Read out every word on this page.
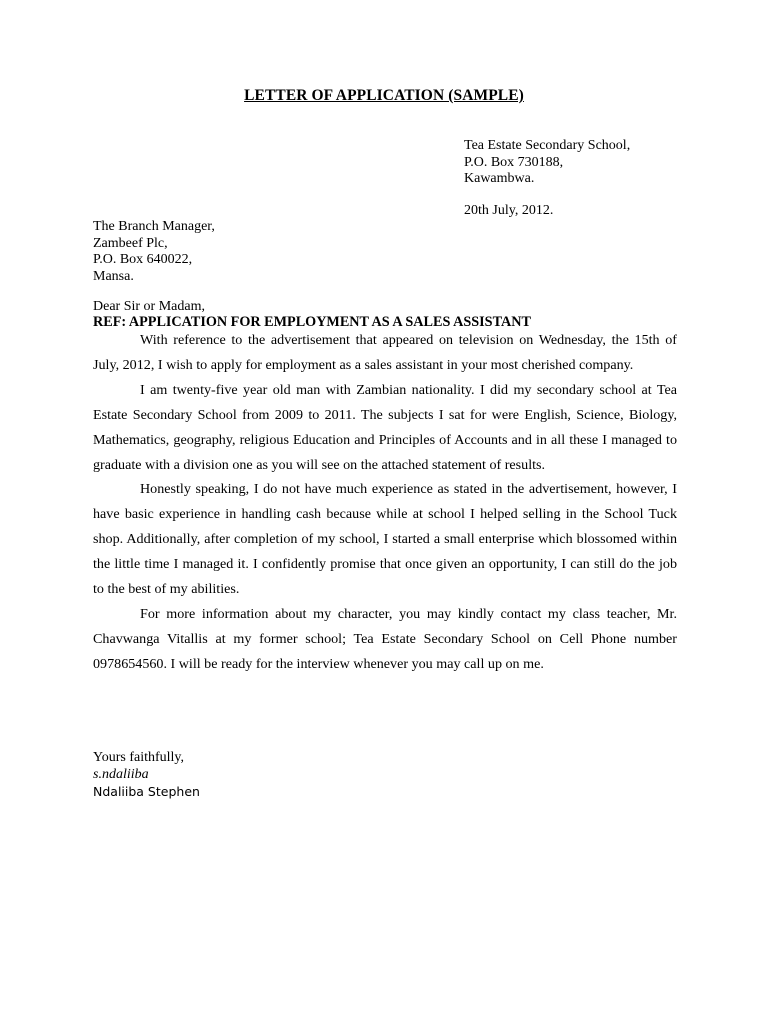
LETTER OF APPLICATION (SAMPLE)
Tea Estate Secondary School,
P.O. Box 730188,
Kawambwa.
20th July, 2012.
The Branch Manager,
Zambeef Plc,
P.O. Box 640022,
Mansa.
Dear Sir or Madam,
REF: APPLICATION FOR EMPLOYMENT AS A SALES ASSISTANT

With reference to the advertisement that appeared on television on Wednesday, the 15th of July, 2012, I wish to apply for employment as a sales assistant in your most cherished company.

I am twenty-five year old man with Zambian nationality. I did my secondary school at Tea Estate Secondary School from 2009 to 2011. The subjects I sat for were English, Science, Biology, Mathematics, geography, religious Education and Principles of Accounts and in all these I managed to graduate with a division one as you will see on the attached statement of results.

Honestly speaking, I do not have much experience as stated in the advertisement, however, I have basic experience in handling cash because while at school I helped selling in the School Tuck shop. Additionally, after completion of my school, I started a small enterprise which blossomed within the little time I managed it. I confidently promise that once given an opportunity, I can still do the job to the best of my abilities.

For more information about my character, you may kindly contact my class teacher, Mr. Chavwanga Vitallis at my former school; Tea Estate Secondary School on Cell Phone number 0978654560. I will be ready for the interview whenever you may call up on me.

Yours faithfully,
s.ndaliiba
Ndaliiba Stephen
